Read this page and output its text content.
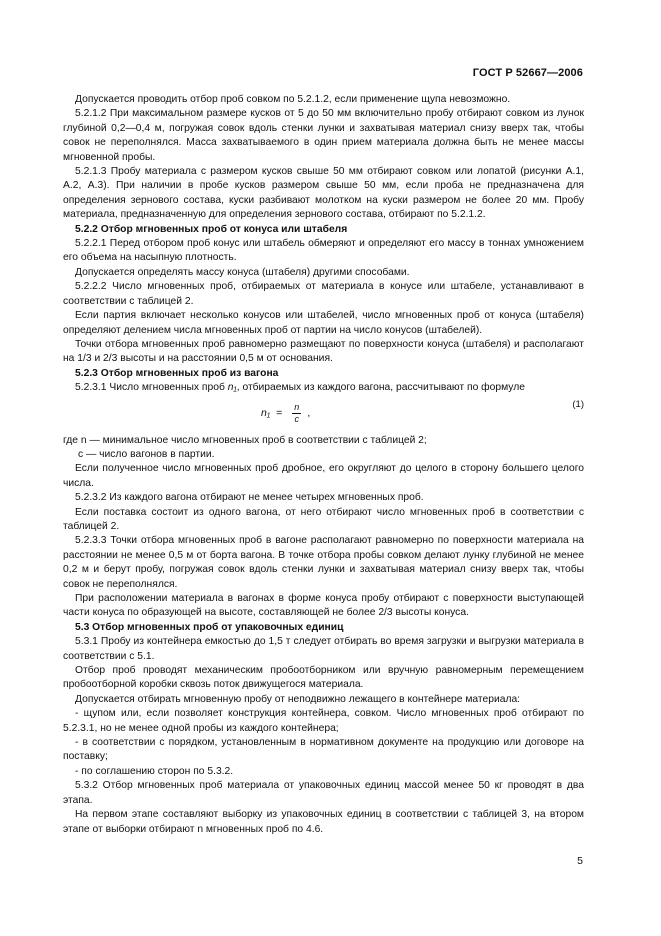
ГОСТ Р 52667—2006

Допускается проводить отбор проб совком по 5.2.1.2, если применение щупа невозможно.

5.2.1.2 При максимальном размере кусков от 5 до 50 мм включительно пробу отбирают совком из лунок глубиной 0,2—0,4 м, погружая совок вдоль стенки лунки и захватывая материал снизу вверх так, чтобы совок не переполнялся. Масса захватываемого в один прием материала должна быть не менее массы мгновенной пробы.

5.2.1.3 Пробу материала с размером кусков свыше 50 мм отбирают совком или лопатой (рисунки А.1, А.2, А.3). При наличии в пробе кусков размером свыше 50 мм, если проба не предназначена для определения зернового состава, куски разбивают молотком на куски размером не более 20 мм. Пробу материала, предназначенную для определения зернового состава, отбирают по 5.2.1.2.

5.2.2 Отбор мгновенных проб от конуса или штабеля

5.2.2.1 Перед отбором проб конус или штабель обмеряют и определяют его массу в тоннах умножением его объема на насыпную плотность.

Допускается определять массу конуса (штабеля) другими способами.

5.2.2.2 Число мгновенных проб, отбираемых от материала в конусе или штабеле, устанавливают в соответствии с таблицей 2.

Если партия включает несколько конусов или штабелей, число мгновенных проб от конуса (штабеля) определяют делением числа мгновенных проб от партии на число конусов (штабелей).

Точки отбора мгновенных проб равномерно размещают по поверхности конуса (штабеля) и располагают на 1/3 и 2/3 высоты и на расстоянии 0,5 м от основания.

5.2.3 Отбор мгновенных проб из вагона

5.2.3.1 Число мгновенных проб n₁, отбираемых из каждого вагона, рассчитывают по формуле

$n_1 = \frac{n}{c}$ ,
(1)

где n — минимальное число мгновенных проб в соответствии с таблицей 2;

c — число вагонов в партии.

Если полученное число мгновенных проб дробное, его округляют до целого в сторону большего целого числа.

5.2.3.2 Из каждого вагона отбирают не менее четырех мгновенных проб.

Если поставка состоит из одного вагона, от него отбирают число мгновенных проб в соответствии с таблицей 2.

5.2.3.3 Точки отбора мгновенных проб в вагоне располагают равномерно по поверхности материала на расстоянии не менее 0,5 м от борта вагона. В точке отбора пробы совком делают лунку глубиной не менее 0,2 м и берут пробу, погружая совок вдоль стенки лунки и захватывая материал снизу вверх так, чтобы совок не переполнялся.

При расположении материала в вагонах в форме конуса пробу отбирают с поверхности выступающей части конуса по образующей на высоте, составляющей не более 2/3 высоты конуса.

5.3 Отбор мгновенных проб от упаковочных единиц

5.3.1 Пробу из контейнера емкостью до 1,5 т следует отбирать во время загрузки и выгрузки материала в соответствии с 5.1.

Отбор проб проводят механическим пробоотборником или вручную равномерным перемещением пробоотборной коробки сквозь поток движущегося материала.

Допускается отбирать мгновенную пробу от неподвижно лежащего в контейнере материала:

- щупом или, если позволяет конструкция контейнера, совком. Число мгновенных проб отбирают по 5.2.3.1, но не менее одной пробы из каждого контейнера;

- в соответствии с порядком, установленным в нормативном документе на продукцию или договоре на поставку;

- по соглашению сторон по 5.3.2.

5.3.2 Отбор мгновенных проб материала от упаковочных единиц массой менее 50 кг проводят в два этапа.

На первом этапе составляют выборку из упаковочных единиц в соответствии с таблицей 3, на втором этапе от выборки отбирают n мгновенных проб по 4.6.

5
